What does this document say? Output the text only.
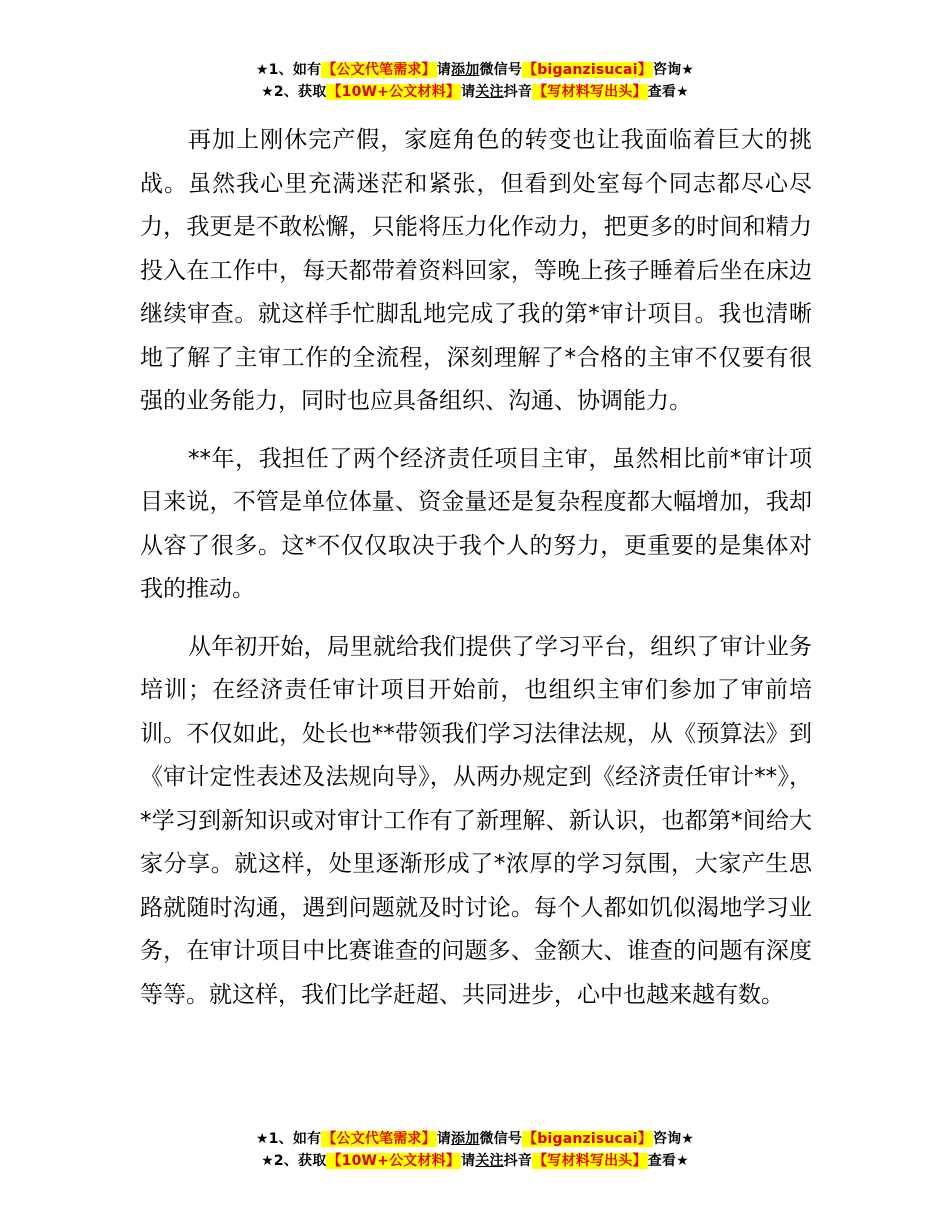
★1、如有【公文代笔需求】请添加微信号【biganzisucai】咨询★
★2、获取【10W+公文材料】请关注抖音【写材料写出头】查看★

再加上刚休完产假，家庭角色的转变也让我面临着巨大的挑战。虽然我心里充满迷茫和紧张，但看到处室每个同志都尽心尽力，我更是不敢松懈，只能将压力化作动力，把更多的时间和精力投入在工作中，每天都带着资料回家，等晚上孩子睡着后坐在床边继续审查。就这样手忙脚乱地完成了我的第*审计项目。我也清晰地了解了主审工作的全流程，深刻理解了*合格的主审不仅要有很强的业务能力，同时也应具备组织、沟通、协调能力。

**年，我担任了两个经济责任项目主审，虽然相比前*审计项目来说，不管是单位体量、资金量还是复杂程度都大幅增加，我却从容了很多。这*不仅仅取决于我个人的努力，更重要的是集体对我的推动。

从年初开始，局里就给我们提供了学习平台，组织了审计业务培训；在经济责任审计项目开始前，也组织主审们参加了审前培训。不仅如此，处长也**带领我们学习法律法规，从《预算法》到《审计定性表述及法规向导》，从两办规定到《经济责任审计**》，*学习到新知识或对审计工作有了新理解、新认识，也都第*间给大家分享。就这样，处里逐渐形成了*浓厚的学习氛围，大家产生思路就随时沟通，遇到问题就及时讨论。每个人都如饥似渴地学习业务，在审计项目中比赛谁查的问题多、金额大、谁查的问题有深度等等。就这样，我们比学赶超、共同进步，心中也越来越有数。

★1、如有【公文代笔需求】请添加微信号【biganzisucai】咨询★
★2、获取【10W+公文材料】请关注抖音【写材料写出头】查看★
